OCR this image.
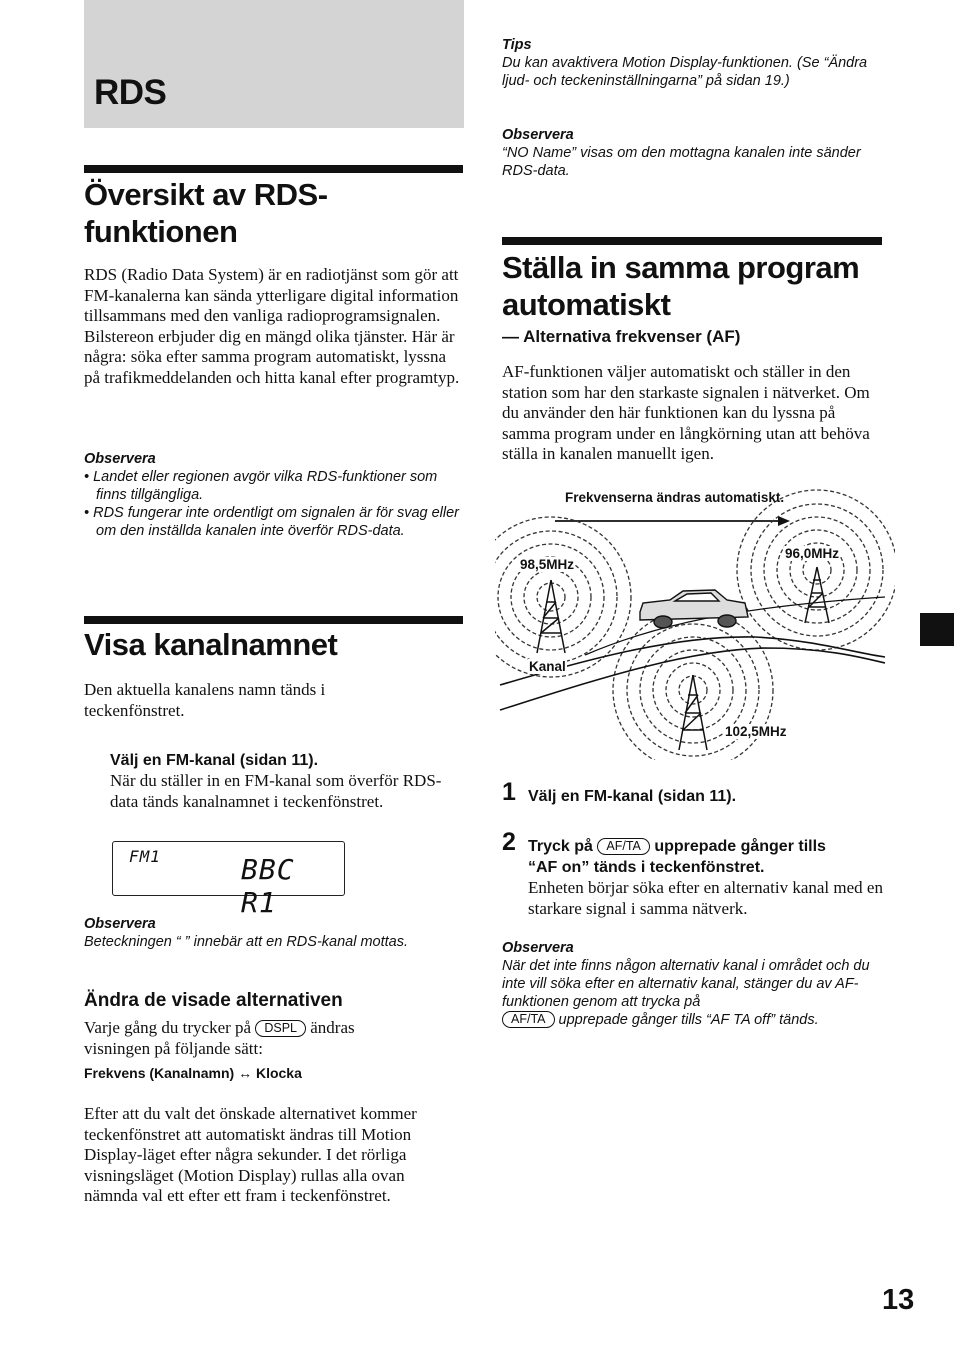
RDS
Översikt av RDS-
funktionen
RDS (Radio Data System) är en radiotjänst som gör att FM-kanalerna kan sända ytterligare digital information tillsammans med den vanliga radioprogramsignalen. Bilstereon erbjuder dig en mängd olika tjänster. Här är några: söka efter samma program automatiskt, lyssna på trafikmeddelanden och hitta kanal efter programtyp.
Observera
• Landet eller regionen avgör vilka RDS-funktioner som finns tillgängliga.
• RDS fungerar inte ordentligt om signalen är för svag eller om den inställda kanalen inte överför RDS-data.
Visa kanalnamnet
Den aktuella kanalens namn tänds i teckenfönstret.
Välj en FM-kanal (sidan 11).
När du ställer in en FM-kanal som överför RDS-data tänds kanalnamnet i teckenfönstret.
FM1	BBC R1
Observera
Beteckningen “ ” innebär att en RDS-kanal mottas.
Ändra de visade alternativen
Varje gång du trycker på DSPL ändras
visningen på följande sätt:
Frekvens (Kanalnamn) ↔ Klocka
Efter att du valt det önskade alternativet kommer teckenfönstret att automatiskt ändras till Motion Display-läget efter några sekunder. I det rörliga visningsläget (Motion Display) rullas alla ovan nämnda val ett efter ett fram i teckenfönstret.
Tips
Du kan avaktivera Motion Display-funktionen. (Se “Ändra ljud- och teckeninställningarna” på sidan 19.)
Observera
“NO Name” visas om den mottagna kanalen inte sänder RDS-data.
Ställa in samma program
automatiskt
— Alternativa frekvenser (AF)
AF-funktionen väljer automatiskt och ställer in den station som har den starkaste signalen i nätverket. Om du använder den här funktionen kan du lyssna på samma program under en långkörning utan att behöva ställa in kanalen manuellt igen.
Frekvenserna ändras automatiskt.
98,5MHz
96,0MHz
102,5MHz
Kanal
1 Välj en FM-kanal (sidan 11).
2 Tryck på AF/TA upprepade gånger tills
“AF on” tänds i teckenfönstret.
Enheten börjar söka efter en alternativ kanal med en starkare signal i samma nätverk.
Observera
När det inte finns någon alternativ kanal i området och du inte vill söka efter en alternativ kanal, stänger du av AF-funktionen genom att trycka på
AF/TA upprepade gånger tills “AF TA off” tänds.
13
